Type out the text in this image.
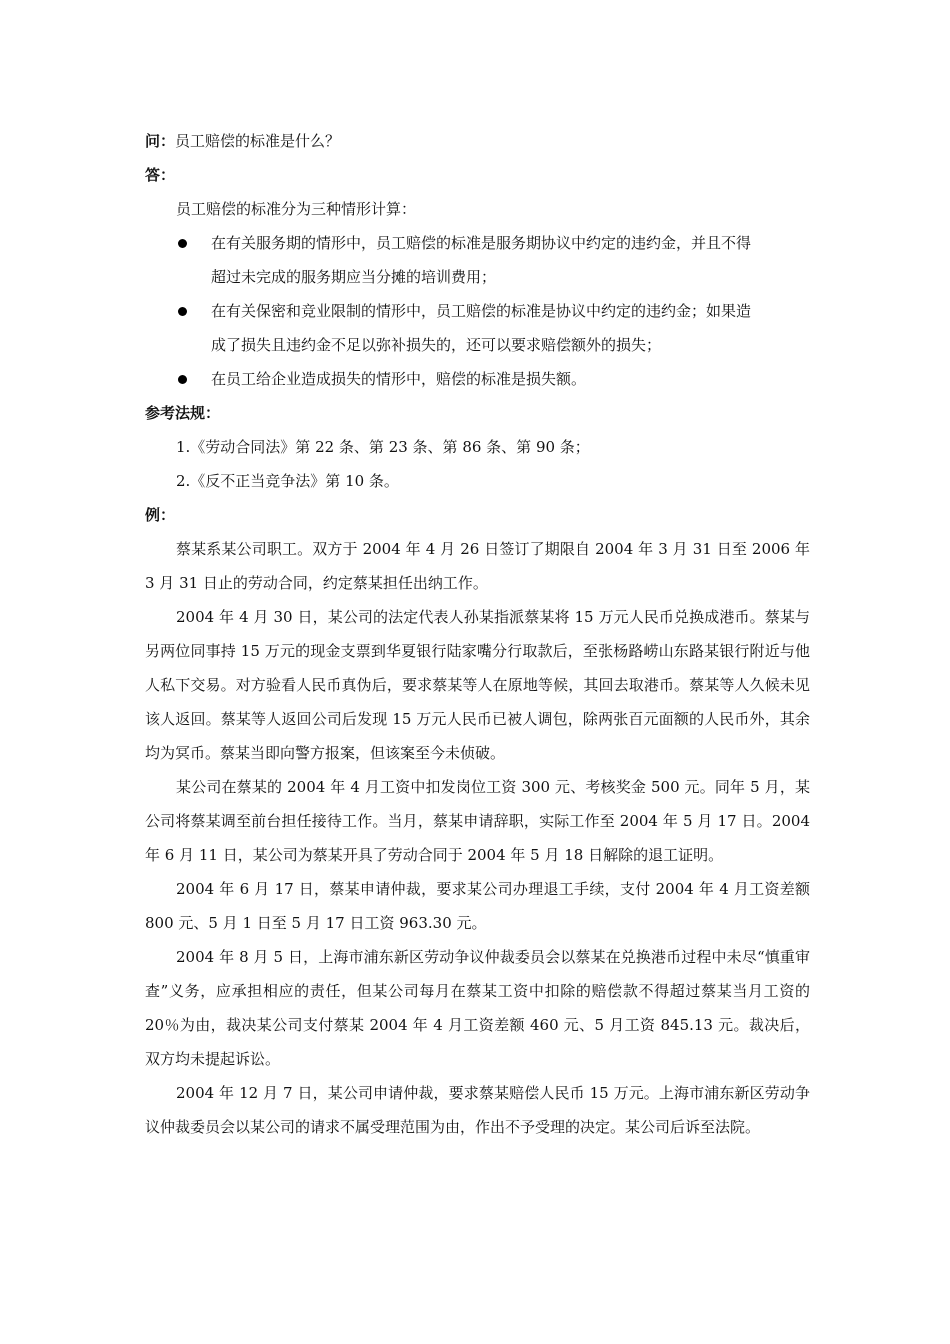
问：员工赔偿的标准是什么？
答：
员工赔偿的标准分为三种情形计算：
在有关服务期的情形中，员工赔偿的标准是服务期协议中约定的违约金，并且不得
超过未完成的服务期应当分摊的培训费用；
在有关保密和竞业限制的情形中，员工赔偿的标准是协议中约定的违约金；如果造
成了损失且违约金不足以弥补损失的，还可以要求赔偿额外的损失；
在员工给企业造成损失的情形中，赔偿的标准是损失额。
参考法规：
1.《劳动合同法》第 22 条、第 23 条、第 86 条、第 90 条；
2.《反不正当竞争法》第 10 条。
例：
蔡某系某公司职工。双方于 2004 年 4 月 26 日签订了期限自 2004 年 3 月 31 日至 2006 年 3 月 31 日止的劳动合同，约定蔡某担任出纳工作。
2004 年 4 月 30 日，某公司的法定代表人孙某指派蔡某将 15 万元人民币兑换成港币。蔡某与另两位同事持 15 万元的现金支票到华夏银行陆家嘴分行取款后，至张杨路崂山东路某银行附近与他人私下交易。对方验看人民币真伪后，要求蔡某等人在原地等候，其回去取港币。蔡某等人久候未见该人返回。蔡某等人返回公司后发现 15 万元人民币已被人调包，除两张百元面额的人民币外，其余均为冥币。蔡某当即向警方报案，但该案至今未侦破。
某公司在蔡某的 2004 年 4 月工资中扣发岗位工资 300 元、考核奖金 500 元。同年 5 月，某公司将蔡某调至前台担任接待工作。当月，蔡某申请辞职，实际工作至 2004 年 5 月 17 日。2004 年 6 月 11 日，某公司为蔡某开具了劳动合同于 2004 年 5 月 18 日解除的退工证明。
2004 年 6 月 17 日，蔡某申请仲裁，要求某公司办理退工手续，支付 2004 年 4 月工资差额 800 元、5 月 1 日至 5 月 17 日工资 963.30 元。
2004 年 8 月 5 日，上海市浦东新区劳动争议仲裁委员会以蔡某在兑换港币过程中未尽“慎重审查”义务，应承担相应的责任，但某公司每月在蔡某工资中扣除的赔偿款不得超过蔡某当月工资的 20％为由，裁决某公司支付蔡某 2004 年 4 月工资差额 460 元、5 月工资 845.13 元。裁决后，双方均未提起诉讼。
2004 年 12 月 7 日，某公司申请仲裁，要求蔡某赔偿人民币 15 万元。上海市浦东新区劳动争议仲裁委员会以某公司的请求不属受理范围为由，作出不予受理的决定。某公司后诉至法院。
